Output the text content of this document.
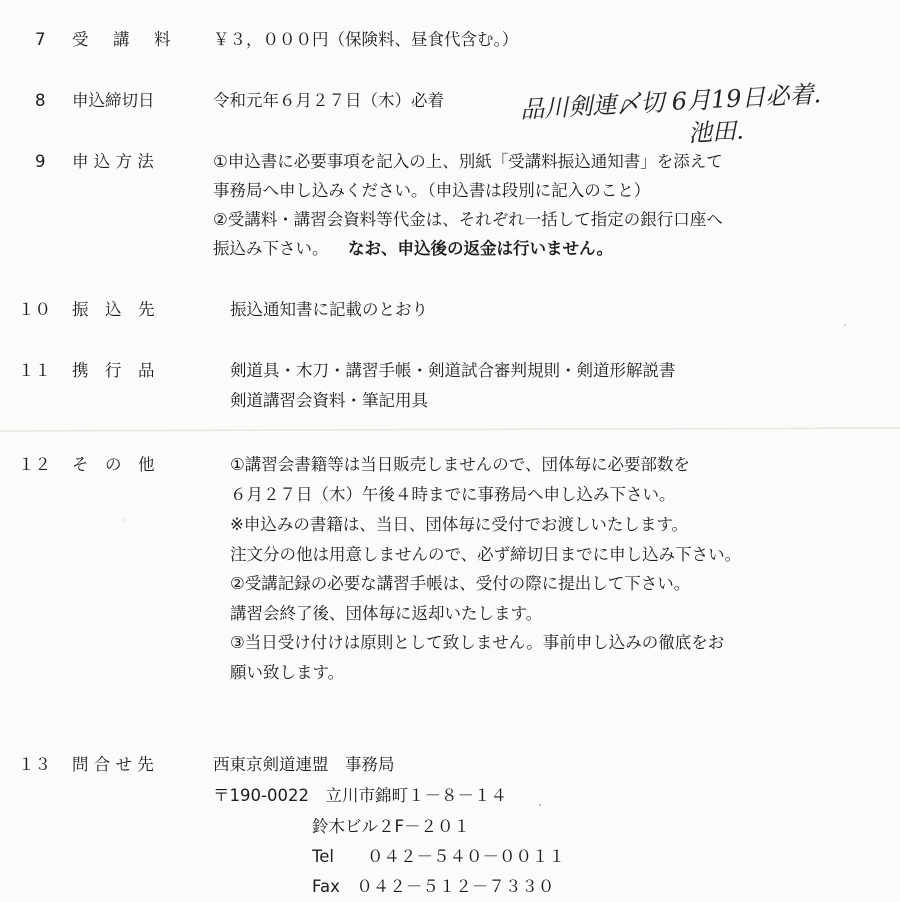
7 受　講　料 ￥３，０００円（保険料、昼食代含む。）
8 申込締切日	令和元年６月２７日（木）必着	品川剣連〆切 6月19日必着.
池田.
9 申 込 方 法	①申込書に必要事項を記入の上、別紙「受講料振込通知書」を添えて
事務局へ申し込みください。（申込書は段別に記入のこと）
②受講料・講習会資料等代金は、それぞれ一括して指定の銀行口座へ
振込み下さい。 なお、申込後の返金は行いません。
１０ 振　込　先	振込通知書に記載のとおり
１１ 携　行　品	剣道具・木刀・講習手帳・剣道試合審判規則・剣道形解説書
剣道講習会資料・筆記用具
１２ そ　の　他	①講習会書籍等は当日販売しませんので、団体毎に必要部数を
６月２７日（木）午後４時までに事務局へ申し込み下さい。
※申込みの書籍は、当日、団体毎に受付でお渡しいたします。
注文分の他は用意しませんので、必ず締切日までに申し込み下さい。
②受講記録の必要な講習手帳は、受付の際に提出して下さい。
講習会終了後、団体毎に返却いたします。
③当日受け付けは原則として致しません。事前申し込みの徹底をお
願い致します。
１３ 問 合 せ 先	西東京剣道連盟　事務局
〒190-0022　立川市錦町１－８－１４
鈴木ビル２F－２０１
Tel　　０４２－５４０－００１１
Fax　０４２－５１２－７３３０
